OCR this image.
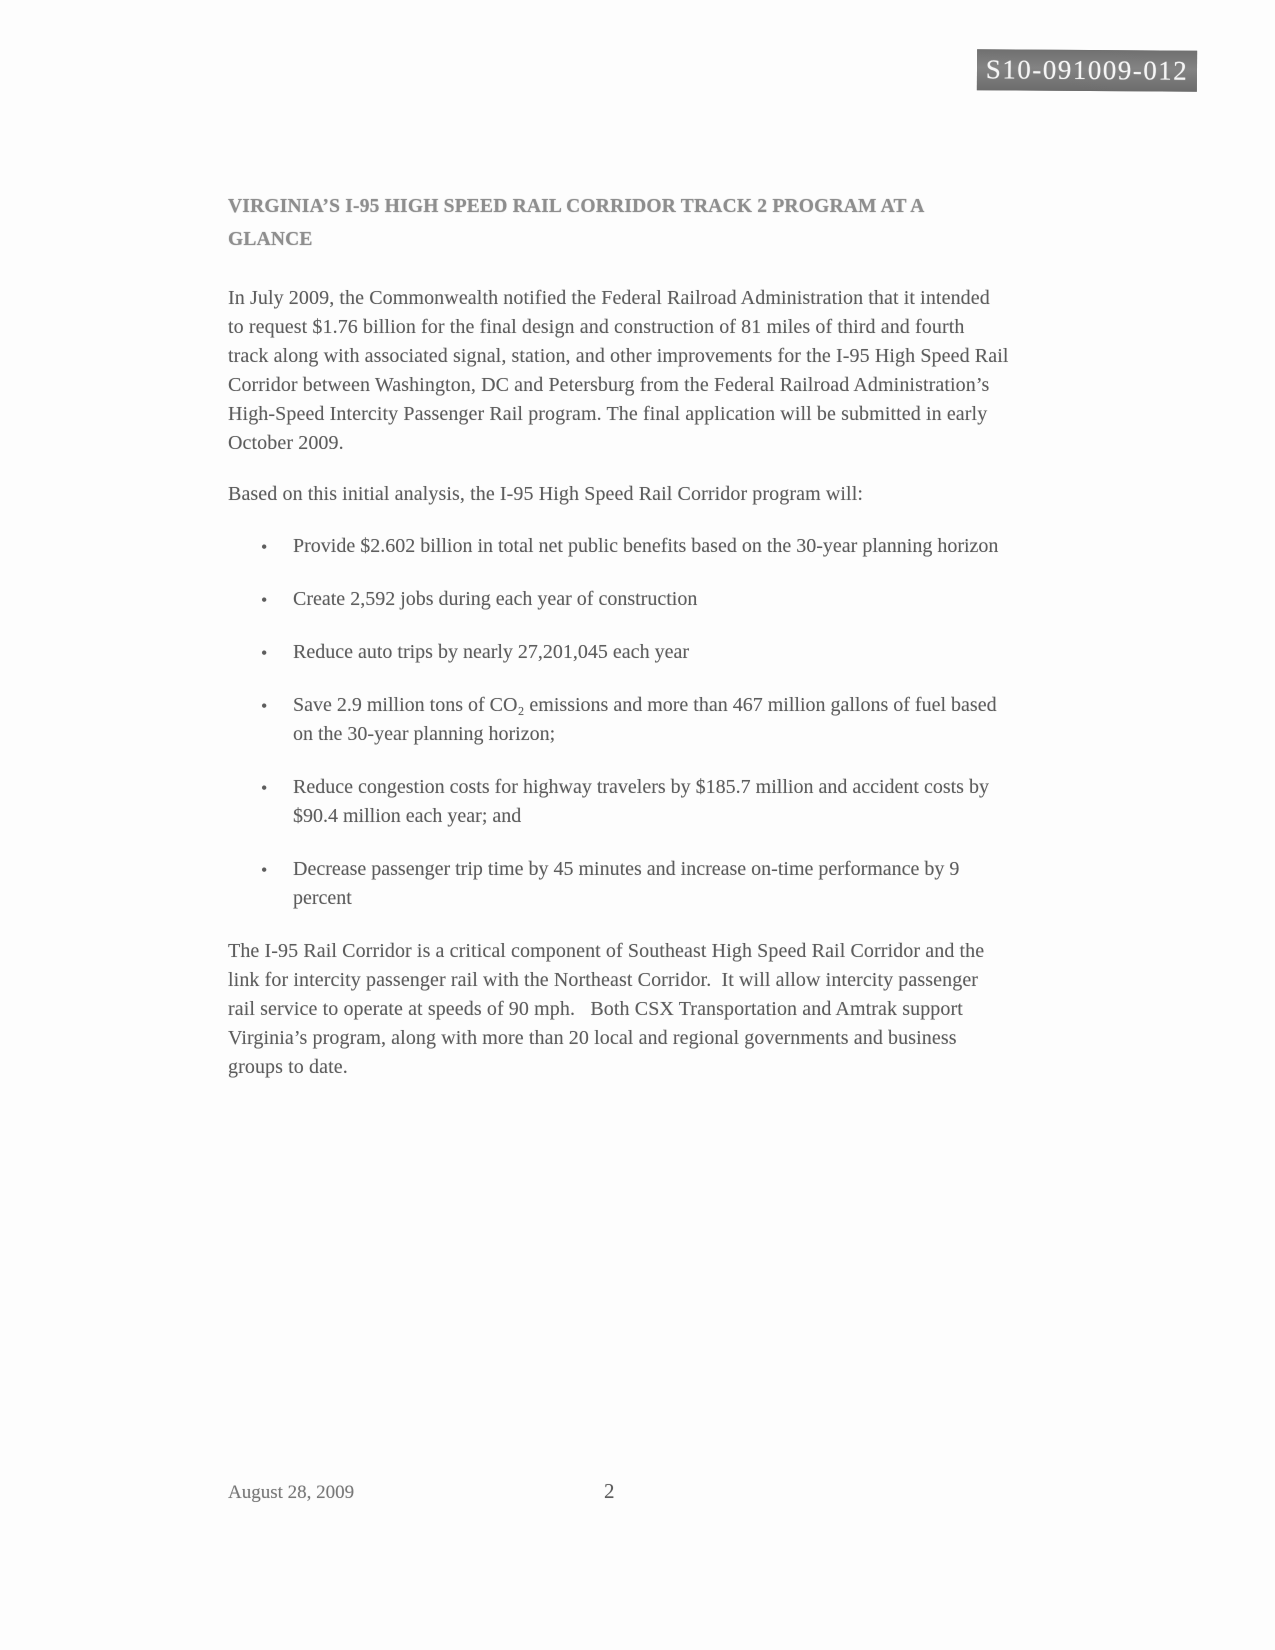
S10-091009-012
VIRGINIA’S I-95 HIGH SPEED RAIL CORRIDOR TRACK 2 PROGRAM AT A GLANCE

In July 2009, the Commonwealth notified the Federal Railroad Administration that it intended to request $1.76 billion for the final design and construction of 81 miles of third and fourth track along with associated signal, station, and other improvements for the I-95 High Speed Rail Corridor between Washington, DC and Petersburg from the Federal Railroad Administration’s High-Speed Intercity Passenger Rail program. The final application will be submitted in early October 2009.

Based on this initial analysis, the I-95 High Speed Rail Corridor program will:

• Provide $2.602 billion in total net public benefits based on the 30-year planning horizon
• Create 2,592 jobs during each year of construction
• Reduce auto trips by nearly 27,201,045 each year
• Save 2.9 million tons of CO₂ emissions and more than 467 million gallons of fuel based on the 30-year planning horizon;
• Reduce congestion costs for highway travelers by $185.7 million and accident costs by $90.4 million each year; and
• Decrease passenger trip time by 45 minutes and increase on-time performance by 9 percent

The I-95 Rail Corridor is a critical component of Southeast High Speed Rail Corridor and the link for intercity passenger rail with the Northeast Corridor.  It will allow intercity passenger rail service to operate at speeds of 90 mph.   Both CSX Transportation and Amtrak support Virginia’s program, along with more than 20 local and regional governments and business groups to date.

August 28, 2009	2
